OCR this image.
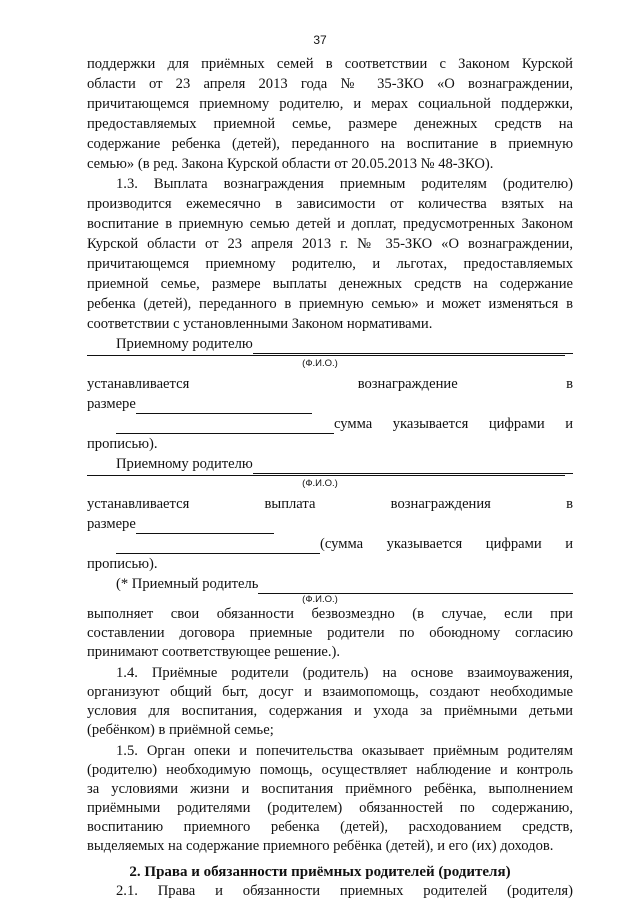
37
поддержки для приёмных семей в соответствии с Законом Курской
области от 23 апреля 2013 года № 35-ЗКО «О вознаграждении,
причитающемся приемному родителю, и мерах социальной поддержки,
предоставляемых приемной семье, размере денежных средств на
содержание ребенка (детей), переданного на воспитание в приемную
семью» (в ред. Закона Курской области от 20.05.2013 № 48-ЗКО).
1.3. Выплата вознаграждения приемным родителям (родителю)
производится ежемесячно в зависимости от количества взятых на
воспитание в приемную семью детей и доплат, предусмотренных Законом
Курской области от 23 апреля 2013 г. № 35-ЗКО «О вознаграждении,
причитающемся приемному родителю, и льготах, предоставляемых
приемной семье, размере выплаты денежных средств на содержание
ребенка (детей), переданного в приемную семью» и может изменяться в
соответствии с установленными Законом нормативами.
Приемному родителю
(Ф.И.О.)
устанавливается	вознаграждение	в
размере
сумма указывается цифрами и
прописью).
Приемному родителю
(Ф.И.О.)
устанавливается	выплата	вознаграждения	в
размере
(сумма указывается цифрами и
прописью).
(* Приемный родитель
(Ф.И.О.)
выполняет свои обязанности безвозмездно (в случае, если при
составлении договора приемные родители по обоюдному согласию
принимают соответствующее решение.).
1.4. Приёмные родители (родитель) на основе взаимоуважения,
организуют общий быт, досуг и взаимопомощь, создают необходимые
условия для воспитания, содержания и ухода за приёмными детьми
(ребёнком) в приёмной семье;
1.5. Орган опеки и попечительства оказывает приёмным родителям
(родителю) необходимую помощь, осуществляет наблюдение и контроль
за условиями жизни и воспитания приёмного ребёнка, выполнением
приёмными родителями (родителем) обязанностей по содержанию,
воспитанию приемного ребенка (детей), расходованием средств,
выделяемых на содержание приемного ребёнка (детей), и его (их) доходов.
2. Права и обязанности приёмных родителей (родителя)
2.1. Права и обязанности приемных родителей (родителя)
